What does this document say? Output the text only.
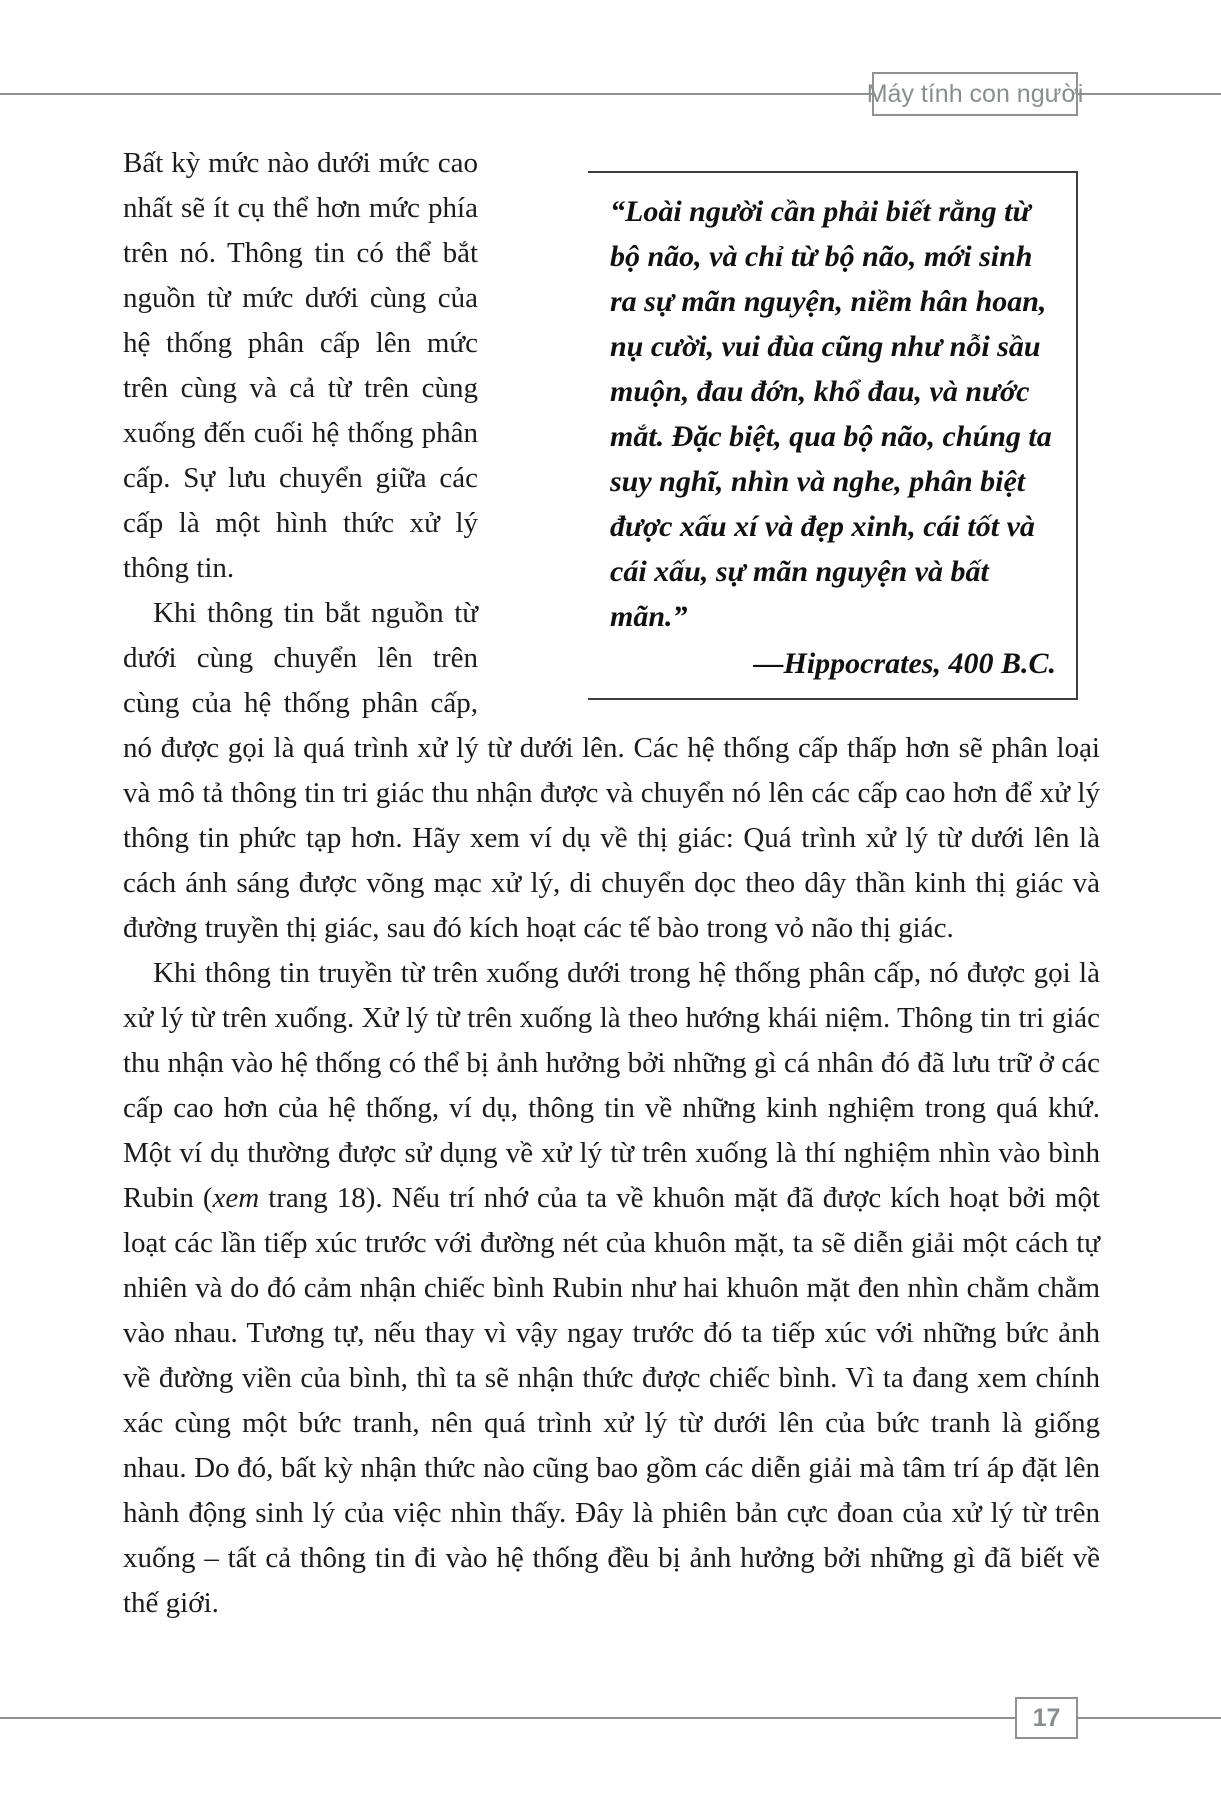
Máy tính con người
“Loài người cần phải biết rằng từ bộ não, và chỉ từ bộ não, mới sinh ra sự mãn nguyện, niềm hân hoan, nụ cười, vui đùa cũng như nỗi sầu muộn, đau đớn, khổ đau, và nước mắt. Đặc biệt, qua bộ não, chúng ta suy nghĩ, nhìn và nghe, phân biệt được xấu xí và đẹp xinh, cái tốt và cái xấu, sự mãn nguyện và bất mãn.”
—Hippocrates, 400 B.C.

Bất kỳ mức nào dưới mức cao nhất sẽ ít cụ thể hơn mức phía trên nó. Thông tin có thể bắt nguồn từ mức dưới cùng của hệ thống phân cấp lên mức trên cùng và cả từ trên cùng xuống đến cuối hệ thống phân cấp. Sự lưu chuyển giữa các cấp là một hình thức xử lý thông tin.

Khi thông tin bắt nguồn từ dưới cùng chuyển lên trên cùng của hệ thống phân cấp, nó được gọi là quá trình xử lý từ dưới lên. Các hệ thống cấp thấp hơn sẽ phân loại và mô tả thông tin tri giác thu nhận được và chuyển nó lên các cấp cao hơn để xử lý thông tin phức tạp hơn. Hãy xem ví dụ về thị giác: Quá trình xử lý từ dưới lên là cách ánh sáng được võng mạc xử lý, di chuyển dọc theo dây thần kinh thị giác và đường truyền thị giác, sau đó kích hoạt các tế bào trong vỏ não thị giác.

Khi thông tin truyền từ trên xuống dưới trong hệ thống phân cấp, nó được gọi là xử lý từ trên xuống. Xử lý từ trên xuống là theo hướng khái niệm. Thông tin tri giác thu nhận vào hệ thống có thể bị ảnh hưởng bởi những gì cá nhân đó đã lưu trữ ở các cấp cao hơn của hệ thống, ví dụ, thông tin về những kinh nghiệm trong quá khứ. Một ví dụ thường được sử dụng về xử lý từ trên xuống là thí nghiệm nhìn vào bình Rubin (xem trang 18). Nếu trí nhớ của ta về khuôn mặt đã được kích hoạt bởi một loạt các lần tiếp xúc trước với đường nét của khuôn mặt, ta sẽ diễn giải một cách tự nhiên và do đó cảm nhận chiếc bình Rubin như hai khuôn mặt đen nhìn chằm chằm vào nhau. Tương tự, nếu thay vì vậy ngay trước đó ta tiếp xúc với những bức ảnh về đường viền của bình, thì ta sẽ nhận thức được chiếc bình. Vì ta đang xem chính xác cùng một bức tranh, nên quá trình xử lý từ dưới lên của bức tranh là giống nhau. Do đó, bất kỳ nhận thức nào cũng bao gồm các diễn giải mà tâm trí áp đặt lên hành động sinh lý của việc nhìn thấy. Đây là phiên bản cực đoan của xử lý từ trên xuống – tất cả thông tin đi vào hệ thống đều bị ảnh hưởng bởi những gì đã biết về thế giới.

17
